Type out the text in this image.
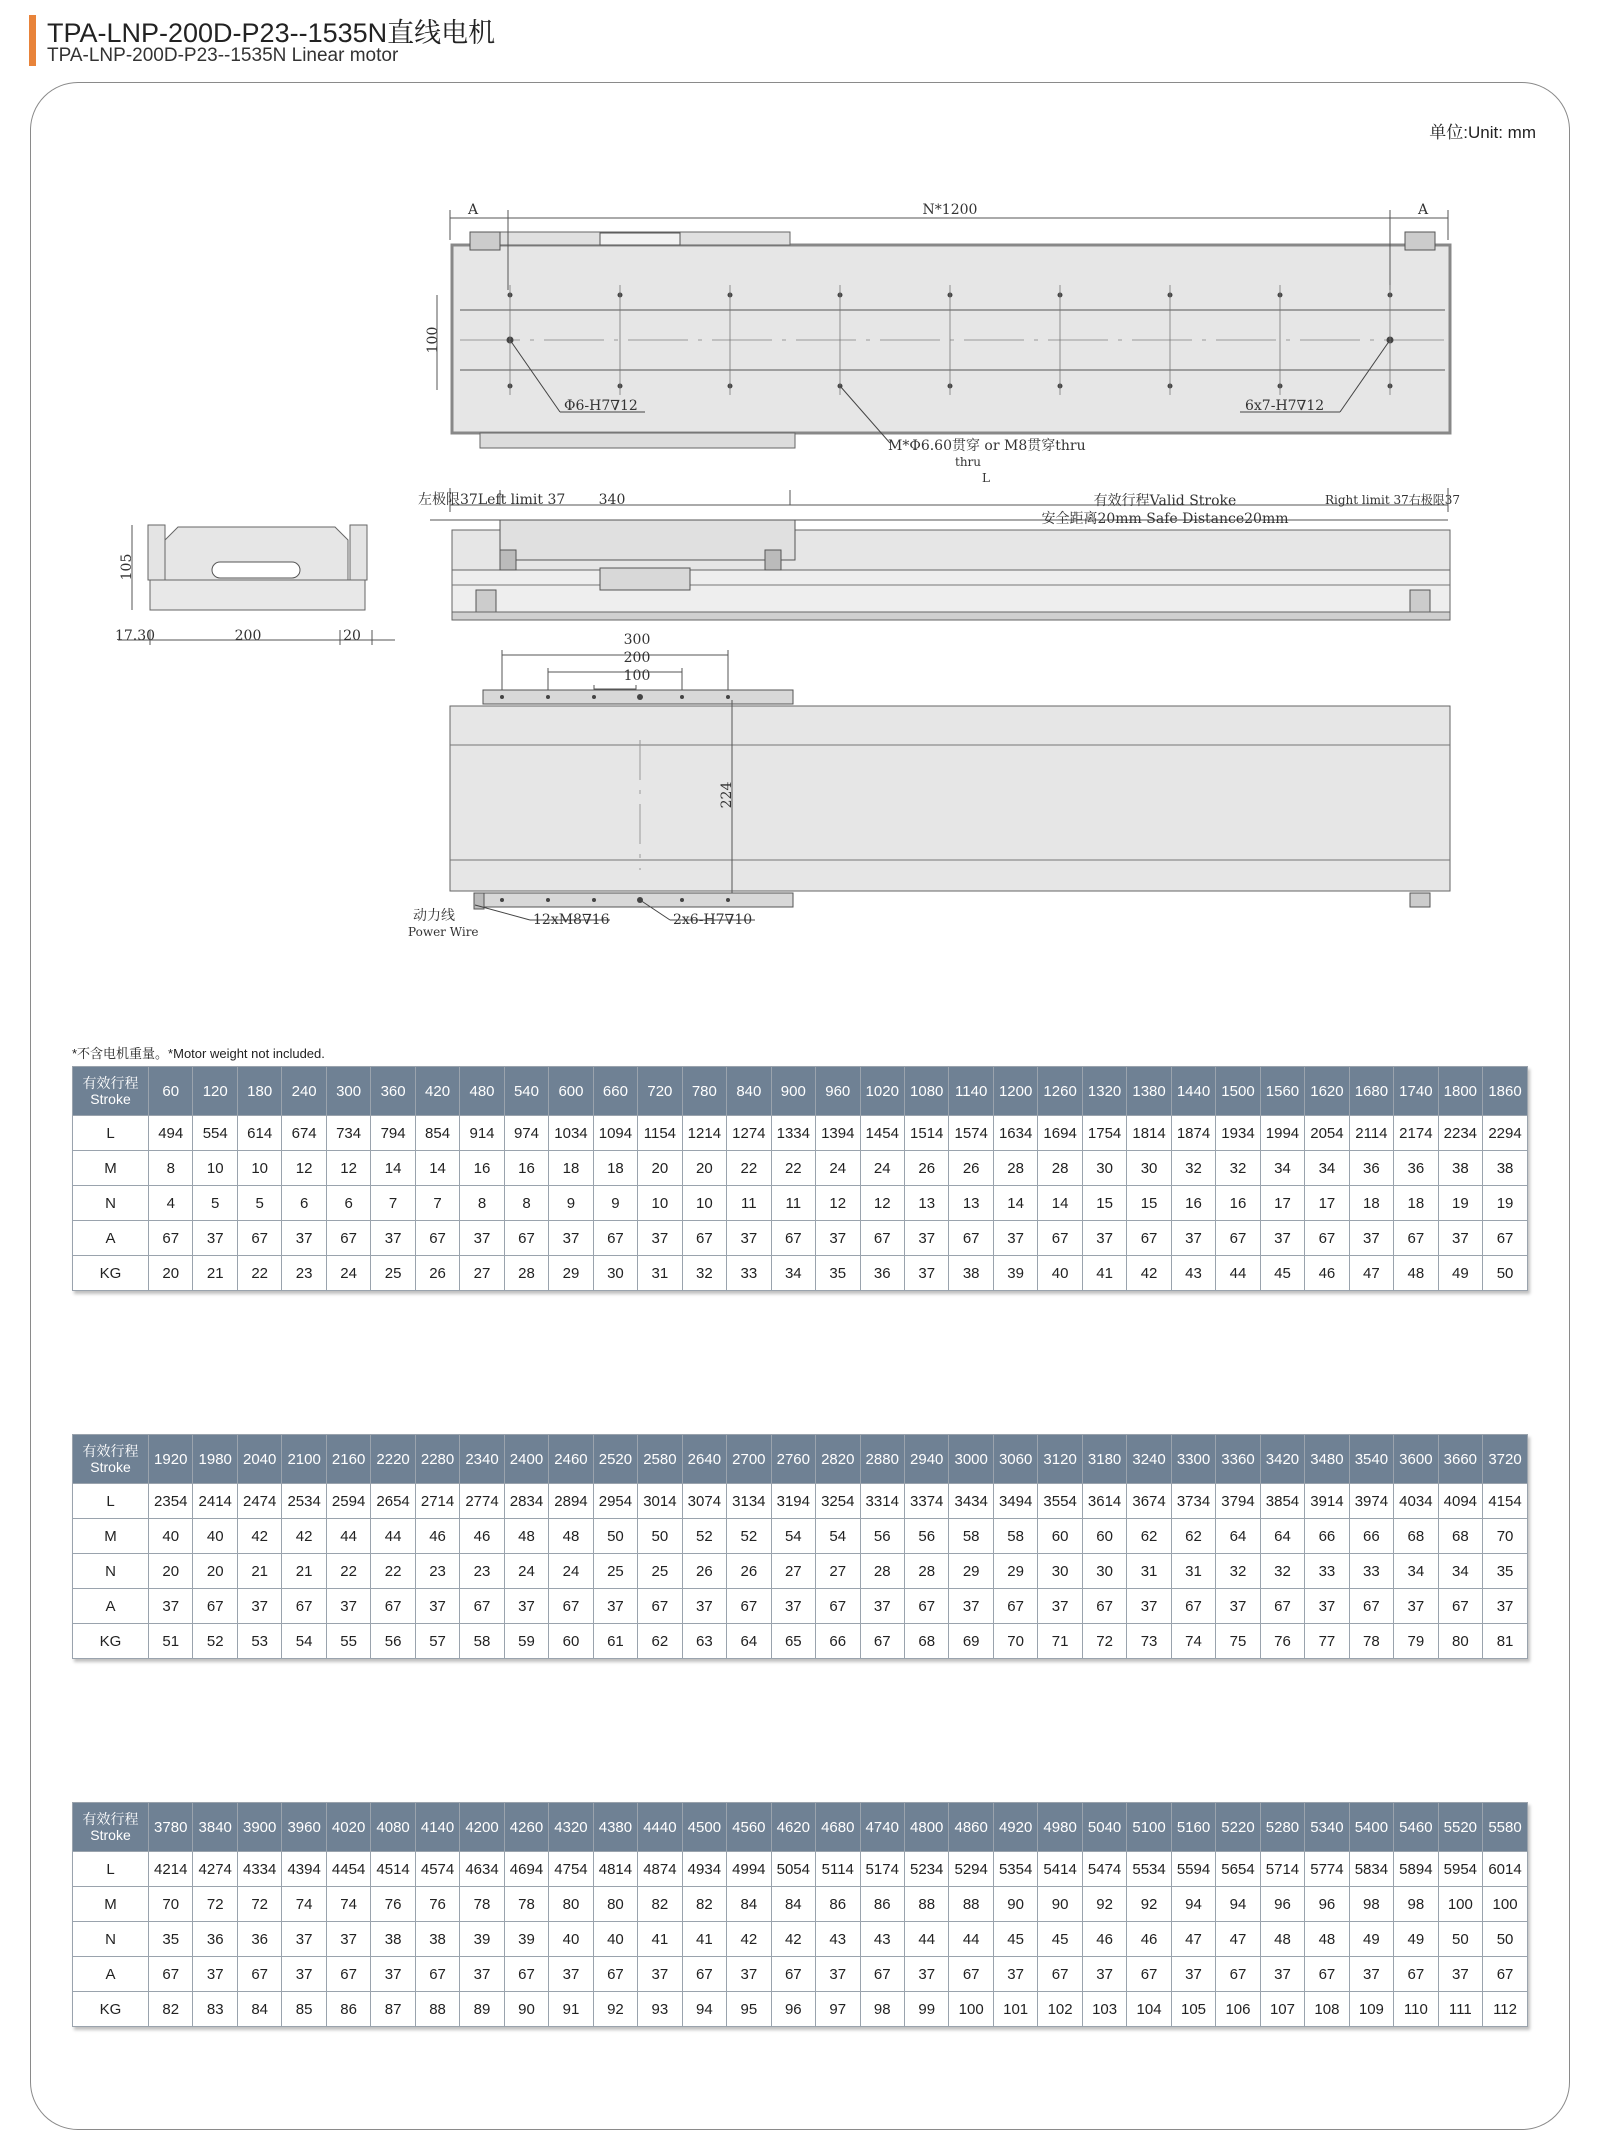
TPA-LNP-200D-P23--1535N直线电机
TPA-LNP-200D-P23--1535N Linear motor
单位:Unit: mm
A	N*1200	A
100
Φ6-H7∇12
M*Φ6.60贯穿 or M8贯穿thru
thru
6x7-H7∇12
L
左极限37Left limit 37 340	有效行程Valid Stroke
安全距离20mm Safe Distance20mm
Right limit 37右极限37
105
17.30	200	20	300
200
100
224
动力线
Power Wire
12xM8∇16	2x6-H7∇10
*不含电机重量。*Motor weight not included.
有效行程
Stroke	60	120	180	240	300	360	420	480	540	600	660	720	780	840	900	960	1020	1080	1140	1200	1260	1320	1380	1440	1500	1560	1620	1680	1740	1800	1860
L	494	554	614	674	734	794	854	914	974	1034	1094	1154	1214	1274	1334	1394	1454	1514	1574	1634	1694	1754	1814	1874	1934	1994	2054	2114	2174	2234	2294
M	8	10	10	12	12	14	14	16	16	18	18	20	20	22	22	24	24	26	26	28	28	30	30	32	32	34	34	36	36	38	38
N	4	5	5	6	6	7	7	8	8	9	9	10	10	11	11	12	12	13	13	14	14	15	15	16	16	17	17	18	18	19	19
A	67	37	67	37	67	37	67	37	67	37	67	37	67	37	67	37	67	37	67	37	67	37	67	37	67	37	67	37	67	37	67
KG	20	21	22	23	24	25	26	27	28	29	30	31	32	33	34	35	36	37	38	39	40	41	42	43	44	45	46	47	48	49	50
有效行程
Stroke	1920	1980	2040	2100	2160	2220	2280	2340	2400	2460	2520	2580	2640	2700	2760	2820	2880	2940	3000	3060	3120	3180	3240	3300	3360	3420	3480	3540	3600	3660	3720
L	2354	2414	2474	2534	2594	2654	2714	2774	2834	2894	2954	3014	3074	3134	3194	3254	3314	3374	3434	3494	3554	3614	3674	3734	3794	3854	3914	3974	4034	4094	4154
M	40	40	42	42	44	44	46	46	48	48	50	50	52	52	54	54	56	56	58	58	60	60	62	62	64	64	66	66	68	68	70
N	20	20	21	21	22	22	23	23	24	24	25	25	26	26	27	27	28	28	29	29	30	30	31	31	32	32	33	33	34	34	35
A	37	67	37	67	37	67	37	67	37	67	37	67	37	67	37	67	37	67	37	67	37	67	37	67	37	67	37	67	37	67	37
KG	51	52	53	54	55	56	57	58	59	60	61	62	63	64	65	66	67	68	69	70	71	72	73	74	75	76	77	78	79	80	81
有效行程
Stroke	3780	3840	3900	3960	4020	4080	4140	4200	4260	4320	4380	4440	4500	4560	4620	4680	4740	4800	4860	4920	4980	5040	5100	5160	5220	5280	5340	5400	5460	5520	5580
L	4214	4274	4334	4394	4454	4514	4574	4634	4694	4754	4814	4874	4934	4994	5054	5114	5174	5234	5294	5354	5414	5474	5534	5594	5654	5714	5774	5834	5894	5954	6014
M	70	72	72	74	74	76	76	78	78	80	80	82	82	84	84	86	86	88	88	90	90	92	92	94	94	96	96	98	98	100	100
N	35	36	36	37	37	38	38	39	39	40	40	41	41	42	42	43	43	44	44	45	45	46	46	47	47	48	48	49	49	50	50
A	67	37	67	37	67	37	67	37	67	37	67	37	67	37	67	37	67	37	67	37	67	37	67	37	67	37	67	37	67	37	67
KG	82	83	84	85	86	87	88	89	90	91	92	93	94	95	96	97	98	99	100	101	102	103	104	105	106	107	108	109	110	111	112
